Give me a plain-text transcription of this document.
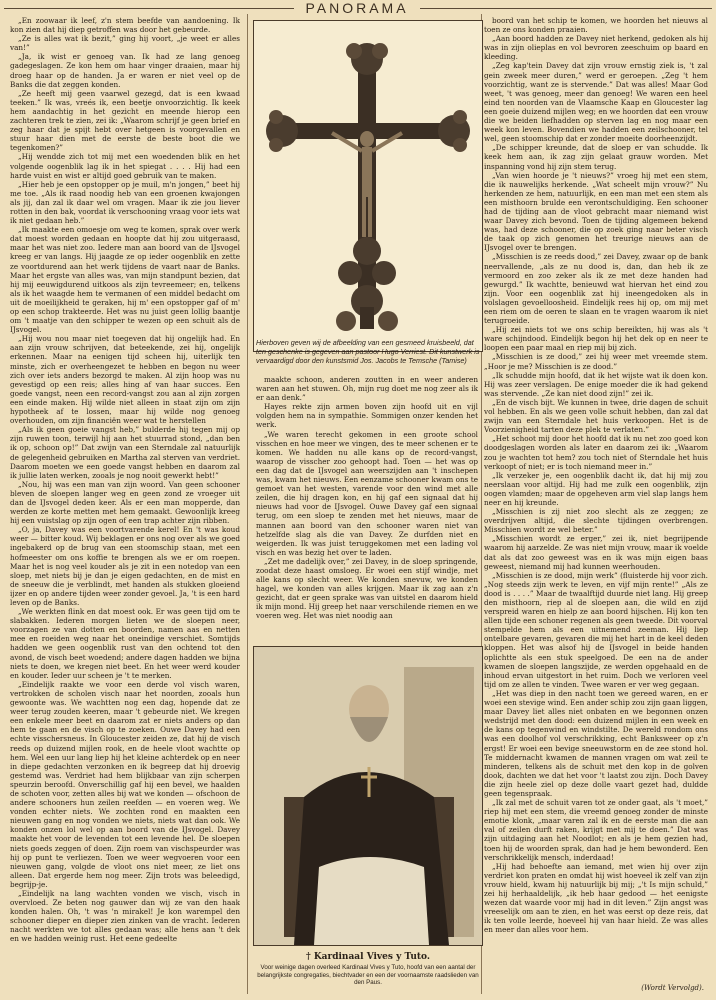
PANORAMA

„En zoowaar ik leef, z'n stem beefde van aandoening. Ik kon zien dat hij diep getroffen was door het gebeurde.

„Ze is alles wat ik bezit,” ging hij voort, „je weet er alles van!”

„Ja, ik wist er genoeg van. Ik had ze lang genoeg gadegeslagen. Ze kon hem om haar vinger draaien, maar hij droeg haar op de handen. Ja er waren er niet veel op de Banks die dat zeggen konden.

„Ze heeft mij geen vaarwel gezegd, dat is een kwaad teeken.” Ik was, vreés ik, een beetje onvoorzichtig. Ik keek hem aandachtig in het gezicht en meende hierop een zachteren trek te zien, zei ik: „Waarom schrijf je geen brief en zeg haar dat je spijt hebt over hetgeen is voorgevallen en stuur haar dien met de eerste de beste boot die we tegenkomen?”

„Hij wendde zich tot mij met een woedenden blik en het volgende oogenblik lag ik in het spiegat . . . . Hij had een harde vuist en wist er altijd goed gebruik van te maken.

„Hier heb je een opstopper op je muil, m'n jongen,” beet hij me toe. „Als ik raad noodig heb van een groenen kwajongen als jij, dan zal ik daar wel om vragen. Maar ik zie jou liever rotten in den bak, voordat ik verschooning vraag voor iets wat ik niet gedaan heb.”

„Ik maakte een omoesje om weg te komen, sprak over werk dat moest worden gedaan en hoopte dat hij zou uitgeraasd, maar het was niet zoo. Iedere man aan boord van de IJsvogel kreeg er van langs. Hij jaagde ze op ieder oogenblik en zette ze voortdurend aan het werk tijdens de vaart naar de Banks. Maar het ergste van alles was, van mijn standpunt bezien, dat hij mij eeuwigdurend uitkoos als zijn tevreemeer; en, telkens als ik het waagde hem te vermanen of een middel bedacht om uit de moeilijkheid te geraken, hij m' een opstopper gaf of m' op een schop trakteerde. Het was nu juist geen lollig baantje om 't maatje van den schipper te wezen op een schuit als de IJsvogel.

„Hij wou nou maar niet toegeven dat hij ongelijk had. En aan zijn vrouw schrijven, dat beteekende, zei hij, ongelijk erkennen. Maar na eenigen tijd scheen hij, uiterlijk ten minste, zich er overheengezet te hebben en begon nu weer zich over iets anders bezorgd te maken. Al zijn hoop was nu gevestigd op een reis; alles hing af van haar succes. Een goede vangst, neen een record-vangst zou aan al zijn zorgen een einde maken. Hij wilde niet alleen in staat zijn om zijn hypotheek af te lossen, maar hij wilde nog genoeg overhouden, om zijn financiën weer wat te herstellen

„Als ik geen goeie vangst heb,” bulderde hij tegen mij op zijn ruwen toon, terwijl hij aan het stuurrad stond, „dan ben ik op, schoon op!” Dat zwijn van een Sterndale zal natuurlijk de gelegenheid gebruiken en Martha zal sterven van verdriet. Daarom moeten we een goede vangst hebben en daarom zal ik jullie laten werken, zooals je nog nooit gewerkt hebt!”

„Nou, hij was een man van zijn woord. Van geen schooner bleven de sloepen langer weg en geen zond ze vroeger uit dan de IJsvogel deden keer. Als er een man mopperde, dan werden ze korte metten met hem gemaakt. Gewoonlijk kreeg hij een vuistslag op zijn ogen of een trap achter zijn ribben.

„O, ja, Davey was een voortvarende kerel! En 't was koud weer — bitter koud. Wij beklagen er ons nog over als we goed ingebakerd op de brug van een stoomschip staan, met een hofmeester om ons koffie te brengen als we er om roepen. Maar het is nog veel kouder als je zit in een notedop van een sloep, met niets bij je dan je eigen gedachten, en de mist en de sneeuw die je verblindt, met handen als stukken gloeiend ijzer en op andere tijden weer zonder gevoel. Ja, 't is een hard leven op de Banks.

„We werkten flink en dat moest ook. Er was geen tijd om te slabakken. Iederen morgen lieten we de sloepen neer, voorzagen ze van dotten en boorden, namen aas en netten mee en roeiden weg naar het oneindige verschiet. Somtijds hadden we geen oogenblik rust van den ochtend tot den avond, de visch beet woedend; andere dagen hadden we bijna niets te doen, we kregen niet beet. En het weer werd kouder en kouder. Ieder uur scheen je 't te merken.

„Eindelijk raakte we voor een derde vol visch waren, vertrokken de scholen visch naar het noorden, zooals hun gewoonte was. We wachtten nog een dag, hopende dat ze weer terug zouden keeren, maar 't gebeurde niet. We kregen een enkele meer beet en daarom zat er niets anders op dan hem te gaan en de visch op te zoeken. Ouwe Davey had een echte visschersneus. In Gloucester zeiden ze, dat hij de visch reeds op duizend mijlen rook, en de heele vloot wachtte op hem. Wel een uur lang liep hij het kleine achterdek op en neer in diepe gedachten verzonken en ik begreep dat hij droevig gestemd was. Verdriet had hem blijkbaar van zijn scherpen speurzin beroofd. Onverschillig gaf hij een bevel, we haalden de schoten voor, zetten alles bij wat we konden — ofschoon de andere schooners hun zeilen reefden — en voeren weg. We vonden echter niets. We zochten rond en maakten een nieuwen gang en nog vonden we niets, niets wat dan ook. We konden onzen lol wel op aan boord van de IJsvogel. Davey maakte het voor de levenden tot een levende hel. De sloepen niets goeds zeggen of doen. Zijn roem van vischspeurder was hij op punt te verliezen. Toen we weer wegvoeren voor een nieuwen gang, volgde de vloot ons niet meer, ze liet ons alleen. Dat ergerde hem nog meer. Zijn trots was beleedigd, begrijp-je.

„Eindelijk na lang wachten vonden we visch, visch in overvloed. Ze beten nog gauwer dan wij ze van den haak konden halen. Oh, 't was 'n mirakel! Je kon warempel den schooner dieper en dieper zien zinken van de vracht. Iederen nacht werkten we tot alles gedaan was; alle hens aan 't dek en we hadden weinig rust. Het eene gedeelte

Hierboven geven wij de afbeelding van een gesmeed kruisbeeld, dat ten geschenke is gegeven aan pastoor Hugo Verriest. Dit kunstwerk is vervaardigd door den kunstsmid Jos. Jacobs te Temsche (Tamise)
† Kardinaal Vives y Tuto.
Voor weinige dagen overleed Kardinaal Vives y Tuto, hoofd van een aantal der belangrijkste congregaties, biechtvader en een der voornaamste raadslieden van den Paus.

boord van het schip te komen, we hoorden het nieuws al toen ze ons konden praaien.

„Aan boord hadden ze Davey niet herkend, gedoken als hij was in zijn olieplas en vol bevroren zeeschuim op baard en kleeding.

„Zeg kap'tein Davey dat zijn vrouw ernstig ziek is, 't zal gein zweek meer duren,” werd er geroepen. „Zeg 't hem voorzichtig, want ze is stervende.” Dat was alles! Maar God weet, 't was genoeg, meer dan genoeg! We waren een heel eind ten noorden van de Vlaamsche Kaap en Gloucester lag een goeie duizend mijlen weg; en we hoorden dat een vrouw die we beiden liefhadden op sterven lag en nog maar een week kon leven. Bovendien we hadden een zeilschooner, tel wel, geen stoomschip dat er zonder moeite doorheenzijdt.

„De schipper kreunde, dat de sloep er van schudde. Ik keek hem aan, ik zag zijn gelaat grauw worden. Met inspanning vond hij zijn stem terug.

„Van wien hoorde je 't nieuws?” vroeg hij met een stem, die ik nauwelijks herkende. „Wat scheelt mijn vrouw?” Nu herkenden ze hem, natuurlijk, en een man met een stem als een misthoorn brulde een verontschuldiging. Een schooner had de tijding aan de vloot gebracht maar niemand wist waar Davey zich bevond. Toen de tijding algemeen bekend was, had deze schooner, die op zoek ging naar beter visch de taak op zich genomen het treurige nieuws aan de IJsvogel over te brengen.

„Misschien is ze reeds dood,” zei Davey, zwaar op de bank neervallende, „als ze nu dood is, dan, dan heb ik ze vermoord en zoo zeker als ik ze met deze handen had gewurgd.” Ik wachtte, benieuwd wat hiervan het eind zou zijn. Voor een oogenblik zat hij ineengedoken als in volslagen gevoelloosheid. Eindelijk rees hij op, om mij met een riem om de oeren te slaan en te vragen waarom ik niet terugroeide.

„Hij zei niets tot we ons schip bereikten, hij was als 't ware schijndood. Eindelijk begon hij het dek op en neer te loopen een paar maal en riep mij bij zich.

„Misschien is ze dood,” zei hij weer met vreemde stem. „Hoor je me? Misschien is ze dood.”

„Ik schudde mijn hoofd, dat ik het wijste wat ik doen kon. Hij was zeer verslagen. De enige moeder die ik had gekend was stervende. „Ze kan niet dood zijn!” zei ik.

„En de visch bijt. We kunnen in twee, drie dagen de schuit vol hebben. En als we geen volle schuit hebben, dan zal dat zwijn van een Sterndale het huis verkoopen. Het is de Voorzienigheid tarten deze plek te verlaten.”

„Het schoot mij door het hoofd dat ik nu net zoo goed kon doodgeslagen worden als later en daarom zei ik: „Waarom zou je wachten tot hem? zou toch niet of Sterndale het huis verkoopt of niet; er is toch niemand meer in.”

„Ik verzeker je, een oogenblik dacht ik, dat hij mij zou neerslaan voor altijd. Hij had me zulk een oogenblik, zijn oogen vlamden; maar de opgeheven arm viel slap langs hem neer en hij kreunde.

„Misschien is zij niet zoo slecht als ze zeggen; ze overdrijven altijd, die slechte tijdingen overbrengen. Misschien wordt ze wel beter.”

„Misschien wordt ze erger,” zei ik, niet begrijpende waarom hij aarzelde. Ze was niet mijn vrouw, maar ik voelde dat als dat zoo geweest was en ik was mijn eigen baas geweest, niemand mij had kunnen weerhouden.

„Misschien is ze dood, mijn werk” (fluisterde hij voor zich. „Nog steeds zijn werk te leven, en vijf mijn rente!” „Als ze dood is . . . .” Maar de twaalftijd duurde niet lang. Hij greep den misthoorn, riep al de sloepen aan, die wild en zijd verspreid waren en hielp ze aan boord hijschen. Hij kon ten allen tijde een schoner regenen als geen tweede. Dit voorval stempelde hem als een uitnemend zeeman. Hij liep ontelbare gevaren, gevaren die mij het hart in de keel deden kloppen. Het was alsof hij de IJsvogel in beide handen oplichtte als een stuk speelgoed. De een na de ander kwamen de sloepen langszijde, ze werden opgehaald en de inhoud ervan uitgestort in het ruim. Doch we verloren veel tijd om ze allen te vinden. Twee waren er ver weg gegaan.

„Het was diep in den nacht toen we gereed waren, en er woei een stevige wind. Een ander schip zou zijn gaan liggen, maar Davey liet alles niet onbaten en we begonnen onzen wedstrijd met den dood: een duizend mijlen in een week en de kans op tegenwind en windstilte. De wereld rondom ons was een doolhof vol verschrikking, echt Banksweer op z'n ergst! Er woei een bevige sneeuwstorm en de zee stond hol. Te middernacht kwamen de mannen vragen om wat zeil te minderen, telkens als de schuit met den kop in de golven dook, dachten we dat het voor 't laatst zou zijn. Doch Davey die zijn heele ziel op deze dolle vaart gezet had, duldde geen tegenspraak.

„Ik zal met de schuit varen tot ze onder gaat, als 't moet,” riep hij met een stem, die vreemd genoeg zonder de minste emotie klonk, „maar varen zal ik en de eerste man die aan val of zeilen durft raken, krijgt met mij te doen.” Dat was zijn uitdaging aan het Noodlot; en als je hem gezien had, toen hij de woorden sprak, dan had je hem bewonderd. Een verschrikkelijk mensch, inderdaad!

„Hij had behoefte aan iemand, met wien hij over zijn verdriet kon praten en omdat hij wist hoeveel ik zelf van zijn vrouw hield, kwam hij natuurlijk bij mij; „'t Is mijn schuld,” zei hij herhaaldelijk, „ik heb haar gedood — het eenigste wezen dat waarde voor mij had in dit leven.” Zijn angst was vreeselijk om aan te zien, en het was eerst op deze reis, dat ik ten volle leerde, hoeveel hij van haar hield. Ze was alles en meer dan alles voor hem.

(Wordt Vervolgd).

maakte schoon, anderen zoutten in en weer anderen waren aan het stuwen. Oh, mijn rug doet me nog zeer als ik er aan denk.”

Hayes rekte zijn armen boven zijn hoofd uit en vijl volgden hem na in sympathie. Sommigen onzer kenden het werk.

„We waren terecht gekomen in een groote school visschen en hoe meer we vingen, des te meer schenen er te komen. We hadden nu alle kans op de record-vangst, waarop de visscher zoo gehoopt had. Toen — het was op een dag dat de IJsvogel aan weerszijden aan 't inschepen was, kwam het nieuws. Een eenzame schooner kwam ons te gemoet van het westen, varende voor den wind met alle zeilen, die hij dragen kon, en hij gaf een signaal dat hij nieuws had voor de IJsvogel. Ouwe Davey gaf een signaal terug, om een sloep te zenden met het nieuws, maar de mannen aan boord van den schooner waren niet van hetzelfde slag als die van Davey. Ze durfden niet en weigerden. Ik was juist teruggekomen met een lading vol visch en was bezig het over te laden.

„Zet me dadelijk over,” zei Davey, in de sloep springende, zoodat deze haast omsloeg. Er woei een stijf windje, met alle kans op slecht weer. We konden snevuw, we konden hagel, we konden van alles krijgen. Maar ik zag aan z'n gezicht, dat er geen sprake was van uitstel en daarom hield ik mijn mond. Hij greep het naar verschilende riemen en we voeren weg. Het was niet noodig aan
